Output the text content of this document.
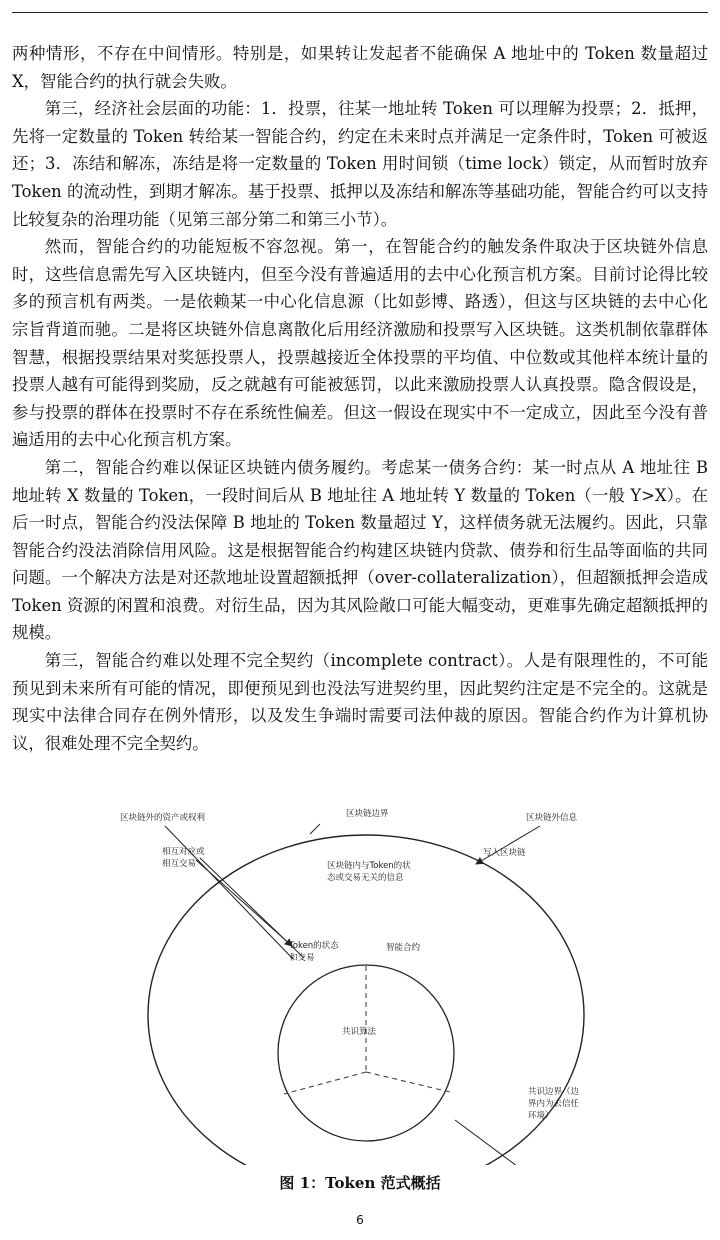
两种情形，不存在中间情形。特别是，如果转让发起者不能确保 A 地址中的 Token 数量超过 X，智能合约的执行就会失败。

第三，经济社会层面的功能：1．投票，往某一地址转 Token 可以理解为投票；2．抵押，先将一定数量的 Token 转给某一智能合约，约定在未来时点并满足一定条件时，Token 可被返还；3．冻结和解冻，冻结是将一定数量的 Token 用时间锁（time lock）锁定，从而暂时放弃 Token 的流动性，到期才解冻。基于投票、抵押以及冻结和解冻等基础功能，智能合约可以支持比较复杂的治理功能（见第三部分第二和第三小节）。

然而，智能合约的功能短板不容忽视。第一，在智能合约的触发条件取决于区块链外信息时，这些信息需先写入区块链内，但至今没有普遍适用的去中心化预言机方案。目前讨论得比较多的预言机有两类。一是依赖某一中心化信息源（比如彭博、路透），但这与区块链的去中心化宗旨背道而驰。二是将区块链外信息离散化后用经济激励和投票写入区块链。这类机制依靠群体智慧，根据投票结果对奖惩投票人，投票越接近全体投票的平均值、中位数或其他样本统计量的投票人越有可能得到奖励，反之就越有可能被惩罚，以此来激励投票人认真投票。隐含假设是，参与投票的群体在投票时不存在系统性偏差。但这一假设在现实中不一定成立，因此至今没有普遍适用的去中心化预言机方案。

第二，智能合约难以保证区块链内债务履约。考虑某一债务合约：某一时点从 A 地址往 B 地址转 X 数量的 Token，一段时间后从 B 地址往 A 地址转 Y 数量的 Token（一般 Y>X）。在后一时点，智能合约没法保障 B 地址的 Token 数量超过 Y，这样债务就无法履约。因此，只靠智能合约没法消除信用风险。这是根据智能合约构建区块链内贷款、债券和衍生品等面临的共同问题。一个解决方法是对还款地址设置超额抵押（over-collateralization），但超额抵押会造成 Token 资源的闲置和浪费。对衍生品，因为其风险敞口可能大幅变动，更难事先确定超额抵押的规模。

第三，智能合约难以处理不完全契约（incomplete contract）。人是有限理性的，不可能预见到未来所有可能的情况，即便预见到也没法写进契约里，因此契约注定是不完全的。这就是现实中法律合同存在例外情形，以及发生争端时需要司法仲裁的原因。智能合约作为计算机协议，很难处理不完全契约。

区块链外的资产或权利	区块链边界	区块链外信息
相互对应或
相互交易
写入区块链
区块链内与Token的状
态或交易无关的信息
Token的状态
和交易
智能合约
共识算法
共识边界（边
界内为去信任
环境）
图 1：Token 范式概括
6
